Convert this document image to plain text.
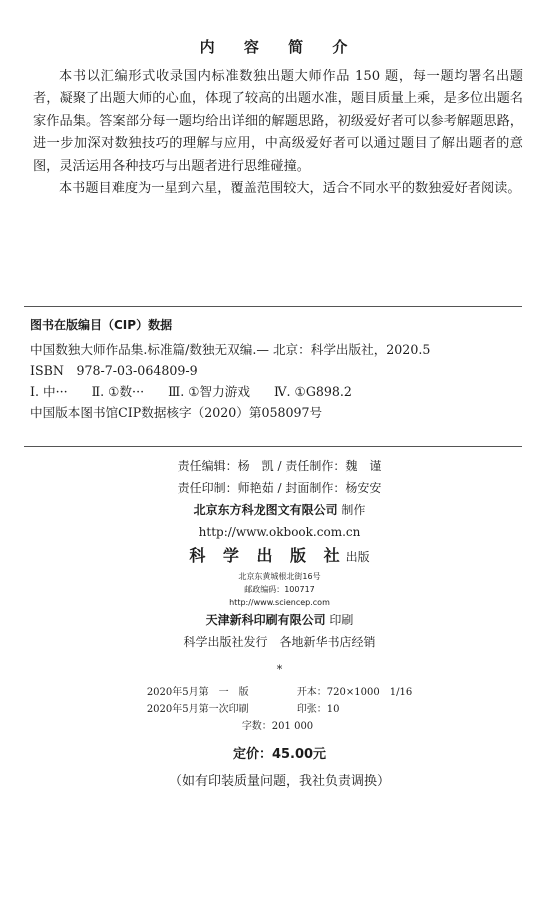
内 容 简 介

本书以汇编形式收录国内标准数独出题大师作品 150 题，每一题均署名出题者，凝聚了出题大师的心血，体现了较高的出题水准，题目质量上乘，是多位出题名家作品集。答案部分每一题均给出详细的解题思路，初级爱好者可以参考解题思路，进一步加深对数独技巧的理解与应用，中高级爱好者可以通过题目了解出题者的意图，灵活运用各种技巧与出题者进行思维碰撞。

本书题目难度为一星到六星，覆盖范围较大，适合不同水平的数独爱好者阅读。

图书在版编目（CIP）数据
中国数独大师作品集.标准篇/数独无双编.— 北京：科学出版社，2020.5
ISBN　978-7-03-064809-9
Ⅰ. 中··· Ⅱ. ①数··· Ⅲ. ①智力游戏 Ⅳ. ①G898.2
中国版本图书馆CIP数据核字（2020）第058097号
责任编辑：杨　凯 / 责任制作：魏　谨
责任印制：师艳茹 / 封面制作：杨安安
北京东方科龙图文有限公司 制作
http://www.okbook.com.cn
科 学 出 版 社出版
北京东黄城根北街16号
邮政编码：100717
http://www.sciencep.com
天津新科印刷有限公司 印刷
科学出版社发行　各地新华书店经销
*
2020年5月第　一　版	开本：720×1000　1/16
2020年5月第一次印刷	印张：10
字数：201 000
定价：45.00元
（如有印装质量问题，我社负责调换）
